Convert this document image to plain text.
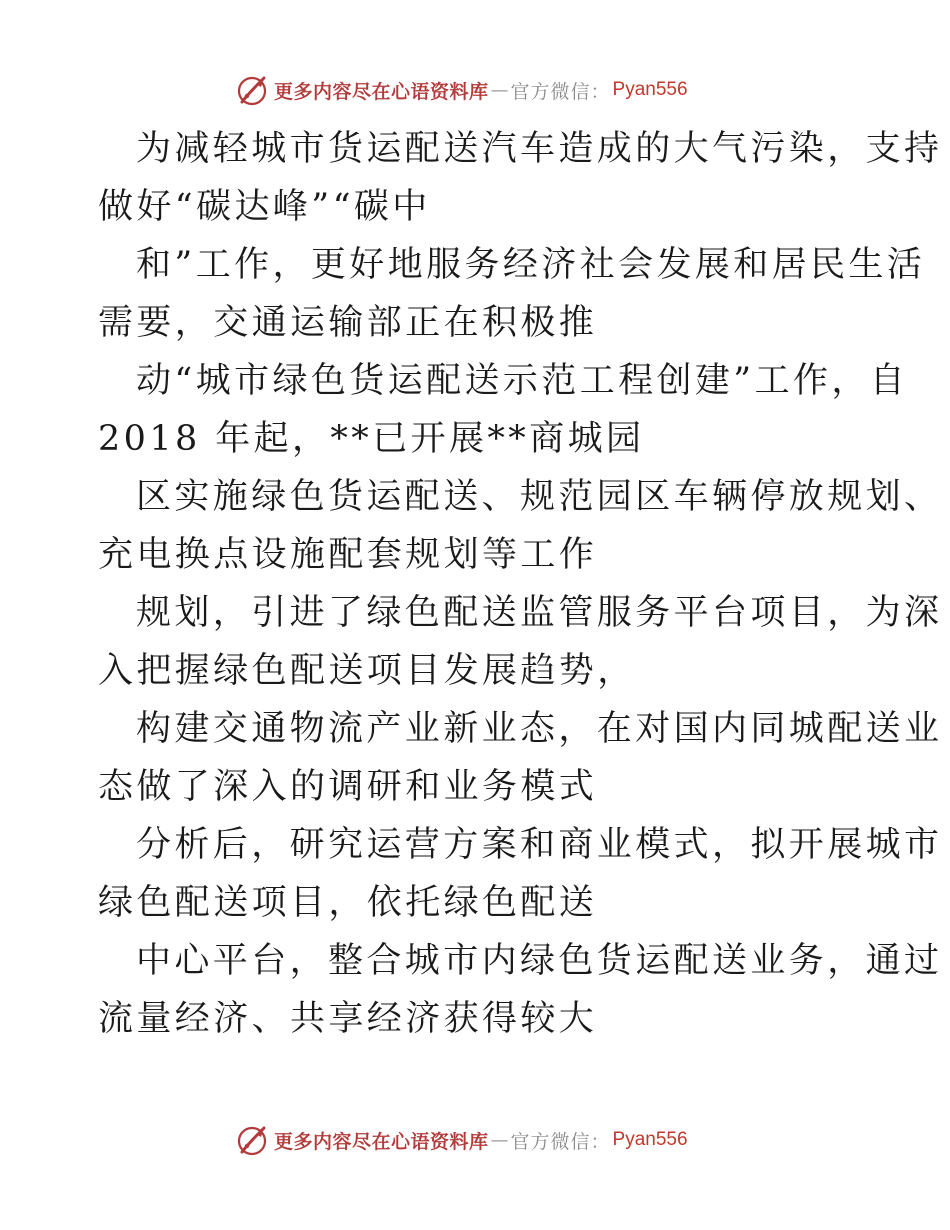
更多内容尽在心语资料库 — 官方微信： Pyan556
为减轻城市货运配送汽车造成的大气污染，支持
做好“碳达峰”“碳中
和”工作，更好地服务经济社会发展和居民生活
需要，交通运输部正在积极推
动“城市绿色货运配送示范工程创建”工作，自
2018 年起，**已开展**商城园
区实施绿色货运配送、规范园区车辆停放规划、
充电换点设施配套规划等工作
规划，引进了绿色配送监管服务平台项目，为深
入把握绿色配送项目发展趋势，
构建交通物流产业新业态，在对国内同城配送业
态做了深入的调研和业务模式
分析后，研究运营方案和商业模式，拟开展城市
绿色配送项目，依托绿色配送
中心平台，整合城市内绿色货运配送业务，通过
流量经济、共享经济获得较大
更多内容尽在心语资料库 — 官方微信： Pyan556
